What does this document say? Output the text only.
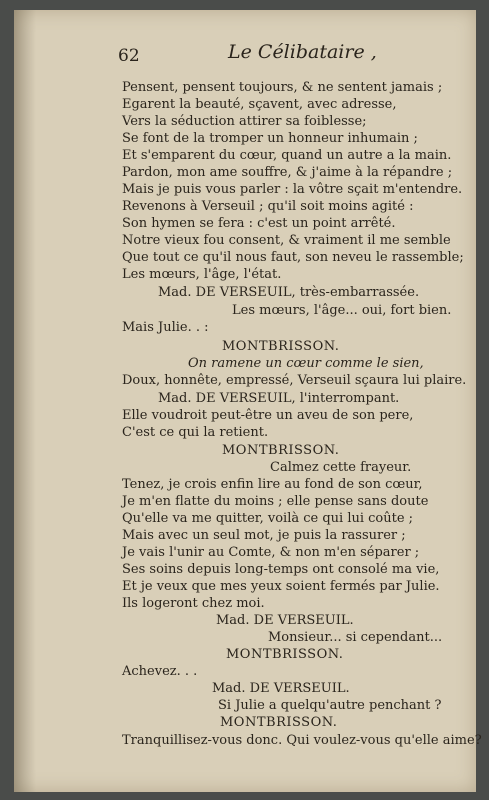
62	Le Célibataire ,
Pensent, pensent toujours, & ne sentent jamais ;
Egarent la beauté, sçavent, avec adresse,
Vers la séduction attirer sa foiblesse;
Se font de la tromper un honneur inhumain ;
Et s'emparent du cœur, quand un autre a la main.
Pardon, mon ame souffre, & j'aime à la répandre ;
Mais je puis vous parler : la vôtre sçait m'entendre.
Revenons à Verseuil ; qu'il soit moins agité :
Son hymen se fera : c'est un point arrêté.
Notre vieux fou consent, & vraiment il me semble
Que tout ce qu'il nous faut, son neveu le rassemble;
Les mœurs, l'âge, l'état.
Mad. DE VERSEUIL, très-embarrassée.
Les mœurs, l'âge... oui, fort bien.
Mais Julie. . :
MONTBRISSON.
On ramene un cœur comme le sien,
Doux, honnête, empressé, Verseuil sçaura lui plaire.
Mad. DE VERSEUIL, l'interrompant.
Elle voudroit peut-être un aveu de son pere,
C'est ce qui la retient.
MONTBRISSON.
Calmez cette frayeur.
Tenez, je crois enfin lire au fond de son cœur,
Je m'en flatte du moins ; elle pense sans doute
Qu'elle va me quitter, voilà ce qui lui coûte ;
Mais avec un seul mot, je puis la rassurer ;
Je vais l'unir au Comte, & non m'en séparer ;
Ses soins depuis long-temps ont consolé ma vie,
Et je veux que mes yeux soient fermés par Julie.
Ils logeront chez moi.
Mad. DE VERSEUIL.
Monsieur... si cependant...
MONTBRISSON.
Achevez. . .
Mad. DE VERSEUIL.
Si Julie a quelqu'autre penchant ?
MONTBRISSON.
Tranquillisez-vous donc. Qui voulez-vous qu'elle aime?
